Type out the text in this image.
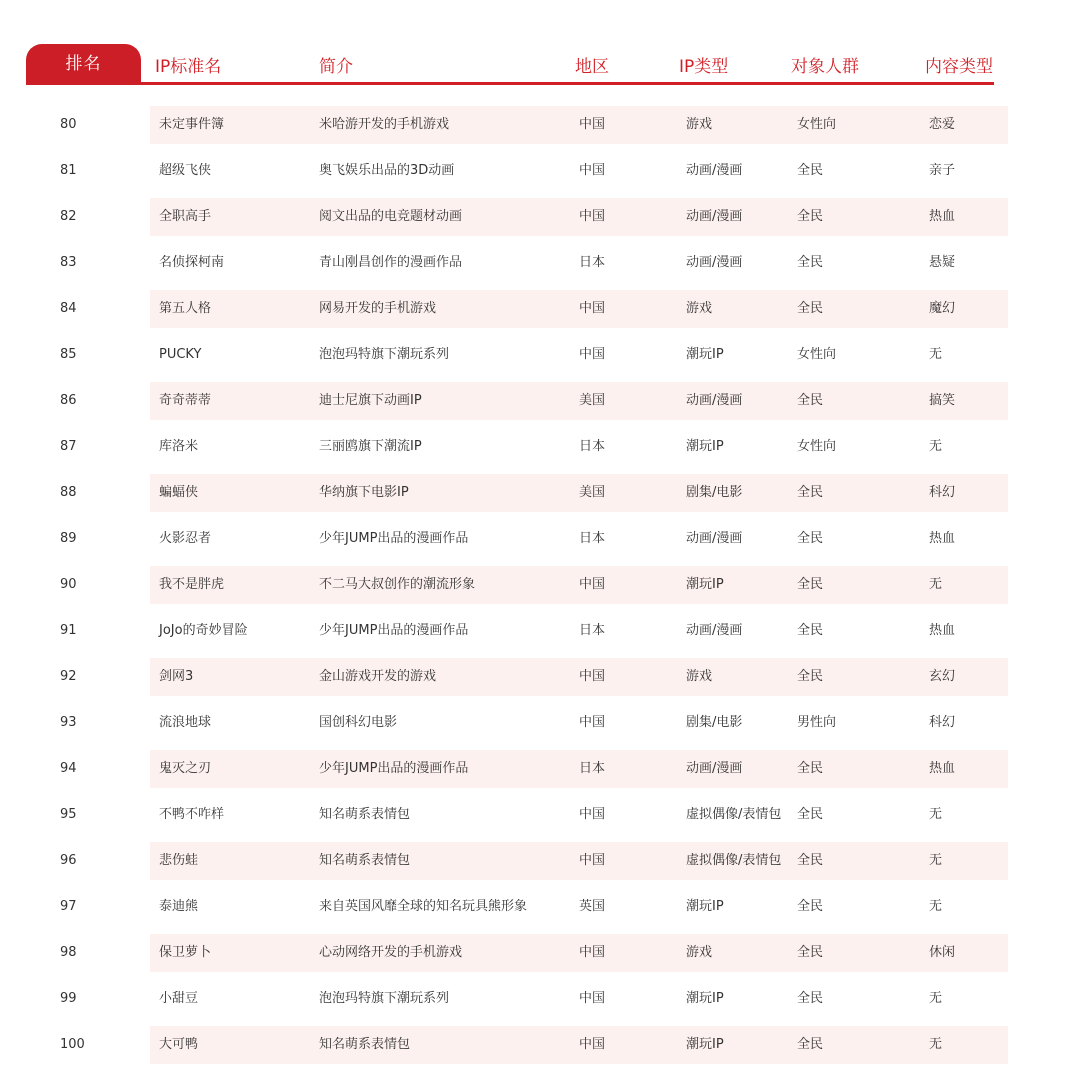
排名	IP标准名	简介	地区	IP类型	对象人群	内容类型
80	未定事件簿	米哈游开发的手机游戏	中国	游戏	女性向	恋爱
81	超级飞侠	奥飞娱乐出品的3D动画	中国	动画/漫画	全民	亲子
82	全职高手	阅文出品的电竞题材动画	中国	动画/漫画	全民	热血
83	名侦探柯南	青山刚昌创作的漫画作品	日本	动画/漫画	全民	悬疑
84	第五人格	网易开发的手机游戏	中国	游戏	全民	魔幻
85	PUCKY	泡泡玛特旗下潮玩系列	中国	潮玩IP	女性向	无
86	奇奇蒂蒂	迪士尼旗下动画IP	美国	动画/漫画	全民	搞笑
87	库洛米	三丽鸥旗下潮流IP	日本	潮玩IP	女性向	无
88	蝙蝠侠	华纳旗下电影IP	美国	剧集/电影	全民	科幻
89	火影忍者	少年JUMP出品的漫画作品	日本	动画/漫画	全民	热血
90	我不是胖虎	不二马大叔创作的潮流形象	中国	潮玩IP	全民	无
91	JoJo的奇妙冒险	少年JUMP出品的漫画作品	日本	动画/漫画	全民	热血
92	剑网3	金山游戏开发的游戏	中国	游戏	全民	玄幻
93	流浪地球	国创科幻电影	中国	剧集/电影	男性向	科幻
94	鬼灭之刃	少年JUMP出品的漫画作品	日本	动画/漫画	全民	热血
95	不鸭不咋样	知名萌系表情包	中国	虚拟偶像/表情包 全民	无
96	悲伤蛙	知名萌系表情包	中国	虚拟偶像/表情包 全民	无
97	泰迪熊	来自英国风靡全球的知名玩具熊形象	英国	潮玩IP	全民	无
98	保卫萝卜	心动网络开发的手机游戏	中国	游戏	全民	休闲
99	小甜豆	泡泡玛特旗下潮玩系列	中国	潮玩IP	全民	无
100	大可鸭	知名萌系表情包	中国	潮玩IP	全民	无
